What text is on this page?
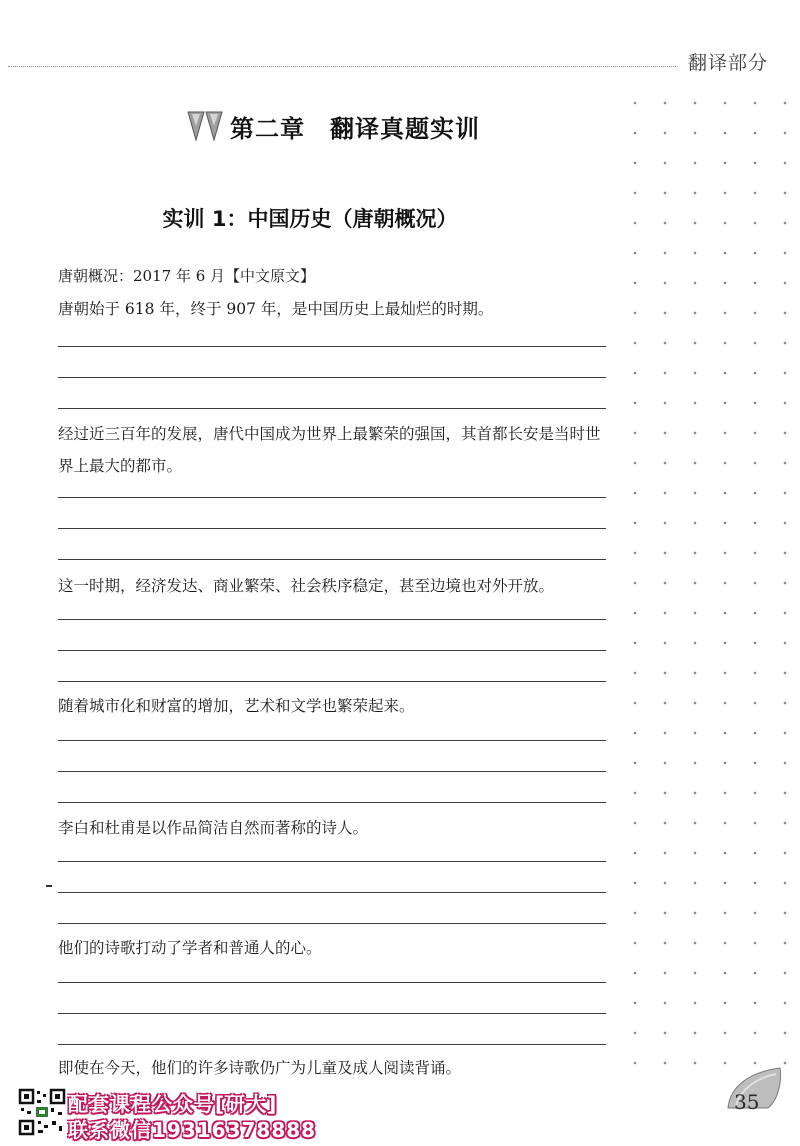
翻译部分
第二章　翻译真题实训
实训 1：中国历史（唐朝概况）
唐朝概况：2017 年 6 月【中文原文】
唐朝始于 618 年，终于 907 年，是中国历史上最灿烂的时期。
经过近三百年的发展，唐代中国成为世界上最繁荣的强国，其首都长安是当时世界上最大的都市。
这一时期，经济发达、商业繁荣、社会秩序稳定，甚至边境也对外开放。
随着城市化和财富的增加，艺术和文学也繁荣起来。
李白和杜甫是以作品简洁自然而著称的诗人。
他们的诗歌打动了学者和普通人的心。
即使在今天，他们的许多诗歌仍广为儿童及成人阅读背诵。
配套课程公众号[研大]
联系微信19316378888
35
